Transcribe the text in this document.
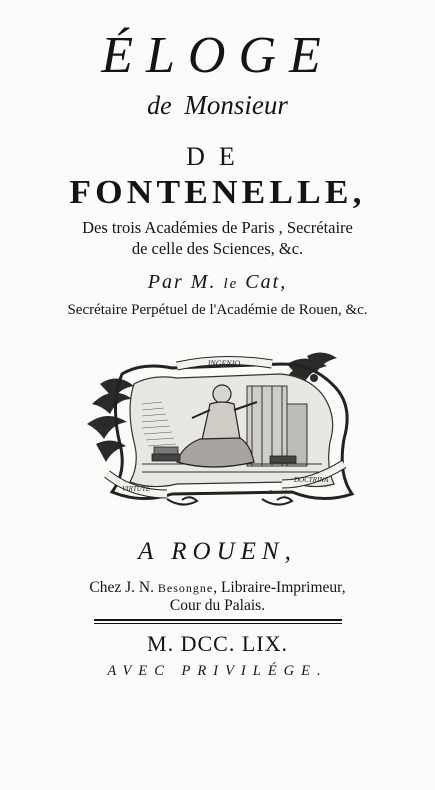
ÉLOGE
de Monsieur
DE
FONTENELLE,
Des trois Académies de Paris , Secrétaire
de celle des Sciences, &c.
Par M. le Cat,
Secrétaire Perpétuel de l'Académie de Rouen, &c.
INGENIO
VIRTUTE
DOCTRINA
Gravé f.
A ROUEN,
Chez J. N. Besongne, Libraire-Imprimeur,
Cour du Palais.
M. DCC. LIX.
AVEC PRIVILÉGE.
